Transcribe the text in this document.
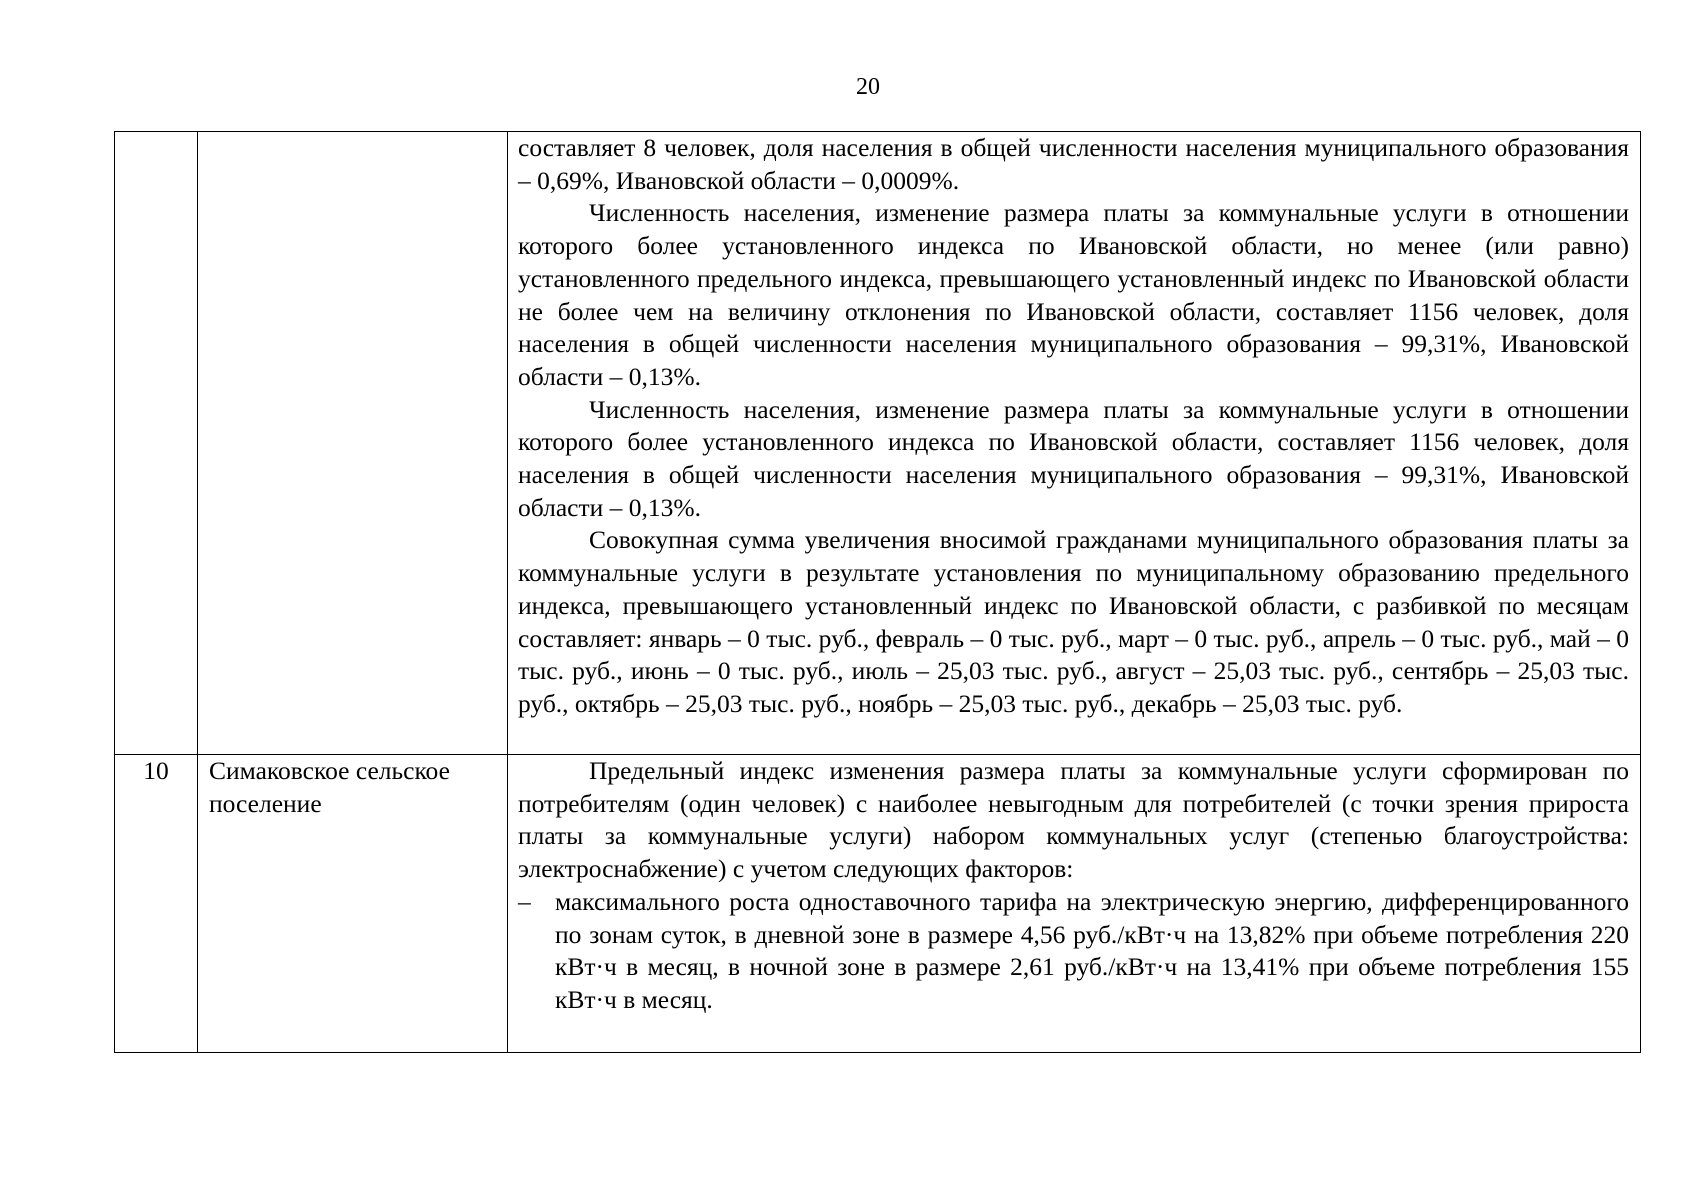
20

		составляет 8 человек, доля населения в общей численности населения муниципального образования – 0,69%, Ивановской области – 0,0009%.

Численность населения, изменение размера платы за коммунальные услуги в отношении которого более установленного индекса по Ивановской области, но менее (или равно) установленного предельного индекса, превышающего установленный индекс по Ивановской области не более чем на величину отклонения по Ивановской области, составляет 1156 человек, доля населения в общей численности населения муниципального образования – 99,31%, Ивановской области – 0,13%.

Численность населения, изменение размера платы за коммунальные услуги в отношении которого более установленного индекса по Ивановской области, составляет 1156 человек, доля населения в общей численности населения муниципального образования – 99,31%, Ивановской области – 0,13%.

Совокупная сумма увеличения вносимой гражданами муниципального образования платы за коммунальные услуги в результате установления по муниципальному образованию предельного индекса, превышающего установленный индекс по Ивановской области, с разбивкой по месяцам составляет: январь – 0 тыс. руб., февраль – 0 тыс. руб., март – 0 тыс. руб., апрель – 0 тыс. руб., май – 0 тыс. руб., июнь – 0 тыс. руб., июль – 25,03 тыс. руб., август – 25,03 тыс. руб., сентябрь – 25,03 тыс. руб., октябрь – 25,03 тыс. руб., ноябрь – 25,03 тыс. руб., декабрь – 25,03 тыс. руб.

10	Симаковское сельское поселение	Предельный индекс изменения размера платы за коммунальные услуги сформирован по потребителям (один человек) с наиболее невыгодным для потребителей (с точки зрения прироста платы за коммунальные услуги) набором коммунальных услуг (степенью благоустройства: электроснабжение) с учетом следующих факторов:

– максимального роста одноставочного тарифа на электрическую энергию, дифференцированного по зонам суток, в дневной зоне в размере 4,56 руб./кВт·ч на 13,82% при объеме потребления 220 кВт·ч в месяц, в ночной зоне в размере 2,61 руб./кВт·ч на 13,41% при объеме потребления 155 кВт·ч в месяц.
